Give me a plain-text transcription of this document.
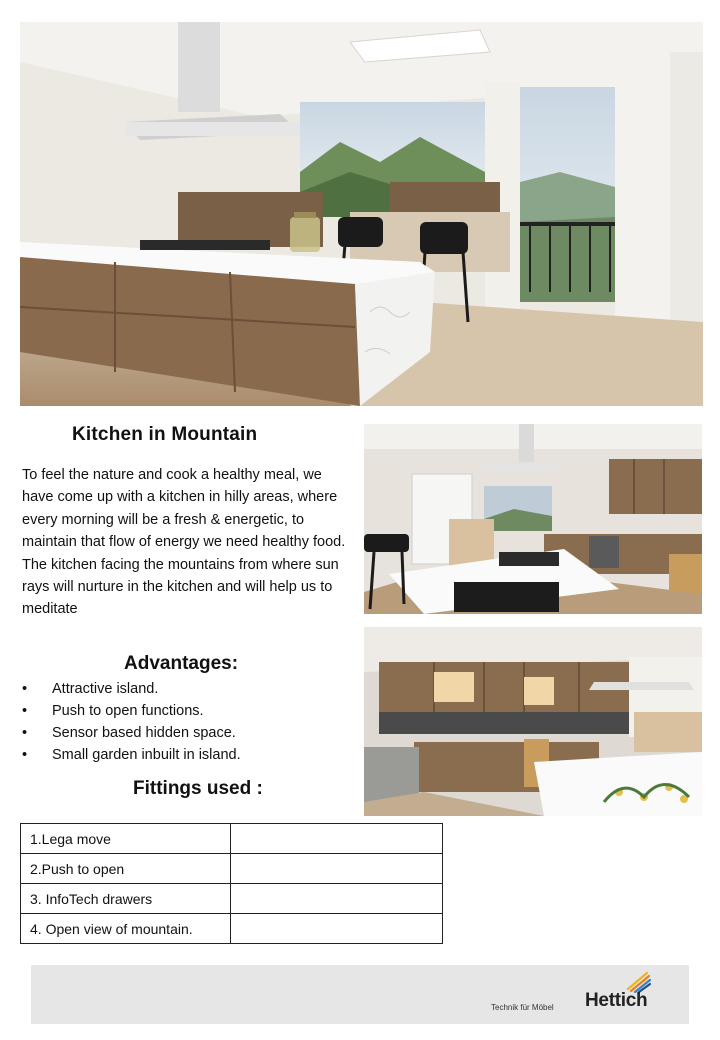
Kitchen in Mountain

To feel the nature and cook a healthy meal, we have come up with a kitchen in hilly areas, where every morning will be a fresh & energetic, to maintain that flow of energy we need healthy food. The kitchen facing the mountains from where sun rays will nurture in the kitchen and will help us to meditate

Advantages:
• Attractive island.
• Push to open functions.
• Sensor based hidden space.
• Small garden inbuilt in island.
Fittings used :
1.Lega move	
2.Push to open	
3. InfoTech drawers	
4. Open view of mountain.	
Technik für Möbel Hettich
